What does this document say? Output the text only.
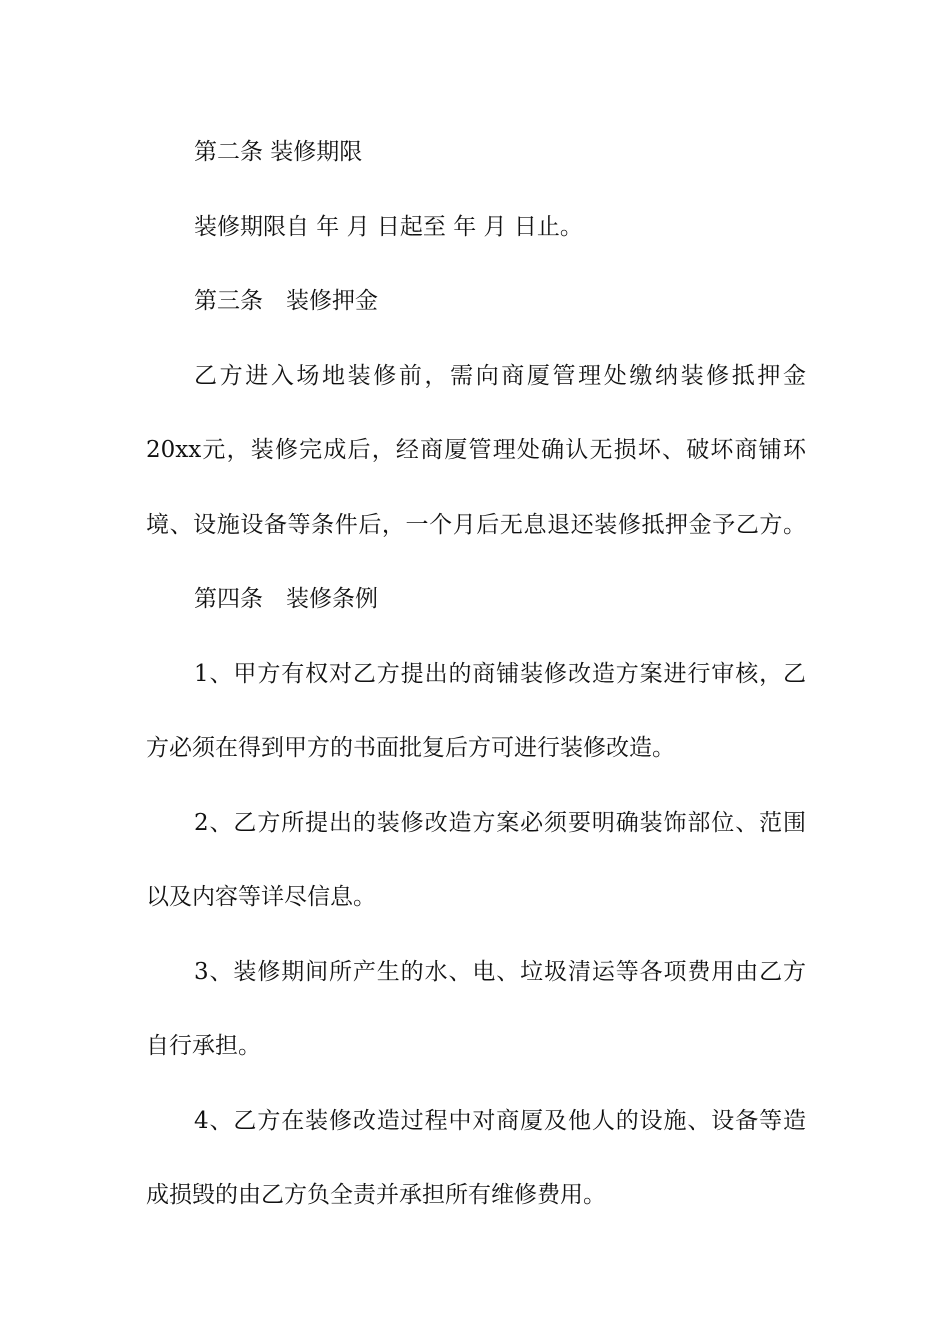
第二条 装修期限

装修期限自 年 月 日起至 年 月 日止。

第三条　装修押金

乙方进入场地装修前，需向商厦管理处缴纳装修抵押金

20xx元，装修完成后，经商厦管理处确认无损坏、破坏商铺环

境、设施设备等条件后，一个月后无息退还装修抵押金予乙方。

第四条　装修条例

1、甲方有权对乙方提出的商铺装修改造方案进行审核，乙

方必须在得到甲方的书面批复后方可进行装修改造。

2、乙方所提出的装修改造方案必须要明确装饰部位、范围

以及内容等详尽信息。

3、装修期间所产生的水、电、垃圾清运等各项费用由乙方

自行承担。

4、乙方在装修改造过程中对商厦及他人的设施、设备等造

成损毁的由乙方负全责并承担所有维修费用。
